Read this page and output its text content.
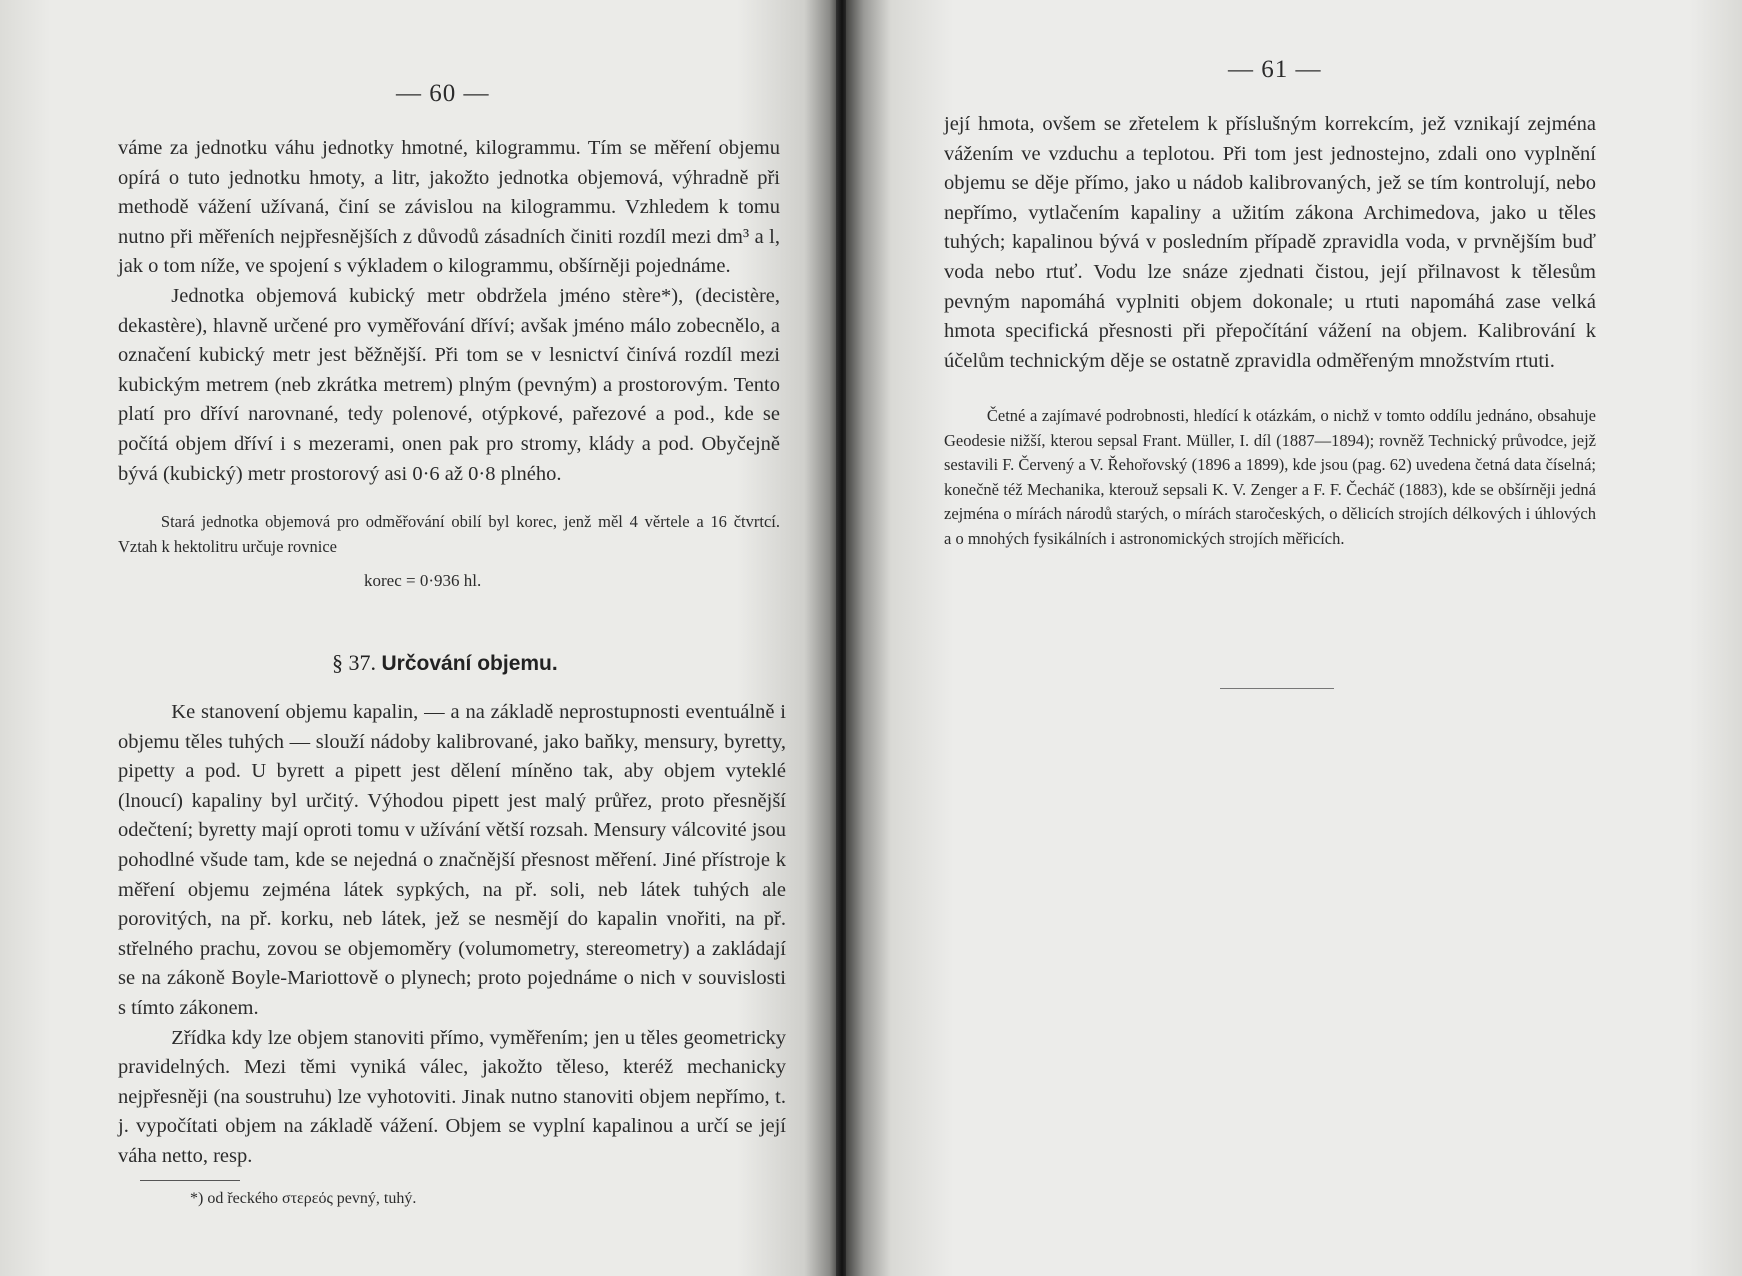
— 60 —

váme za jednotku váhu jednotky hmotné, kilogrammu. Tím se měření objemu opírá o tuto jednotku hmoty, a litr, jakožto jednotka objemová, výhradně při methodě vážení užívaná, činí se závislou na kilogrammu. Vzhledem k tomu nutno při měřeních nejpřesnějších z důvodů zásadních činiti rozdíl mezi dm³ a l, jak o tom níže, ve spojení s výkladem o kilogrammu, obšírněji pojednáme.

Jednotka objemová kubický metr obdržela jméno stère*), (decistère, dekastère), hlavně určené pro vyměřování dříví; avšak jméno málo zobecnělo, a označení kubický metr jest běžnější. Při tom se v lesnictví činívá rozdíl mezi kubickým metrem (neb zkrátka metrem) plným (pevným) a prostorovým. Tento platí pro dříví narovnané, tedy polenové, otýpkové, pařezové a pod., kde se počítá objem dříví i s mezerami, onen pak pro stromy, klády a pod. Obyčejně bývá (kubický) metr prostorový asi 0·6 až 0·8 plného.

Stará jednotka objemová pro odměřování obilí byl korec, jenž měl 4 věrtele a 16 čtvrtcí. Vztah k hektolitru určuje rovnice

korec = 0·936 hl.
§ 37. Určování objemu.

Ke stanovení objemu kapalin, — a na základě neprostupnosti eventuálně i objemu těles tuhých — slouží nádoby kalibrované, jako baňky, mensury, byretty, pipetty a pod. U byrett a pipett jest dělení míněno tak, aby objem vyteklé (lnoucí) kapaliny byl určitý. Výhodou pipett jest malý průřez, proto přesnější odečtení; byretty mají oproti tomu v užívání větší rozsah. Mensury válcovité jsou pohodlné všude tam, kde se nejedná o značnější přesnost měření. Jiné přístroje k měření objemu zejména látek sypkých, na př. soli, neb látek tuhých ale porovitých, na př. korku, neb látek, jež se nesmějí do kapalin vnořiti, na př. střelného prachu, zovou se objemoměry (volumometry, stereometry) a zakládají se na zákoně Boyle-Mariottově o plynech; proto pojednáme o nich v souvislosti s tímto zákonem.

Zřídka kdy lze objem stanoviti přímo, vyměřením; jen u těles geometricky pravidelných. Mezi těmi vyniká válec, jakožto těleso, kteréž mechanicky nejpřesněji (na soustruhu) lze vyhotoviti. Jinak nutno stanoviti objem nepřímo, t. j. vypočítati objem na základě vážení. Objem se vyplní kapalinou a určí se její váha netto, resp.

*) od řeckého στερεός pevný, tuhý.
— 61 —

její hmota, ovšem se zřetelem k příslušným korrekcím, jež vznikají zejména vážením ve vzduchu a teplotou. Při tom jest jednostejno, zdali ono vyplnění objemu se děje přímo, jako u nádob kalibrovaných, jež se tím kontrolují, nebo nepřímo, vytlačením kapaliny a užitím zákona Archimedova, jako u těles tuhých; kapalinou bývá v posledním případě zpravidla voda, v prvnějším buď voda nebo rtuť. Vodu lze snáze zjednati čistou, její přilnavost k tělesům pevným napomáhá vyplniti objem dokonale; u rtuti napomáhá zase velká hmota specifická přesnosti při přepočítání vážení na objem. Kalibrování k účelům technickým děje se ostatně zpravidla odměřeným množstvím rtuti.

Četné a zajímavé podrobnosti, hledící k otázkám, o nichž v tomto oddílu jednáno, obsahuje Geodesie nižší, kterou sepsal Frant. Müller, I. díl (1887—1894); rovněž Technický průvodce, jejž sestavili F. Červený a V. Řehořovský (1896 a 1899), kde jsou (pag. 62) uvedena četná data číselná; konečně též Mechanika, kterouž sepsali K. V. Zenger a F. F. Čecháč (1883), kde se obšírněji jedná zejména o mírách národů starých, o mírách staročeských, o dělicích strojích délkových i úhlových a o mnohých fysikálních i astronomických strojích měřicích.
